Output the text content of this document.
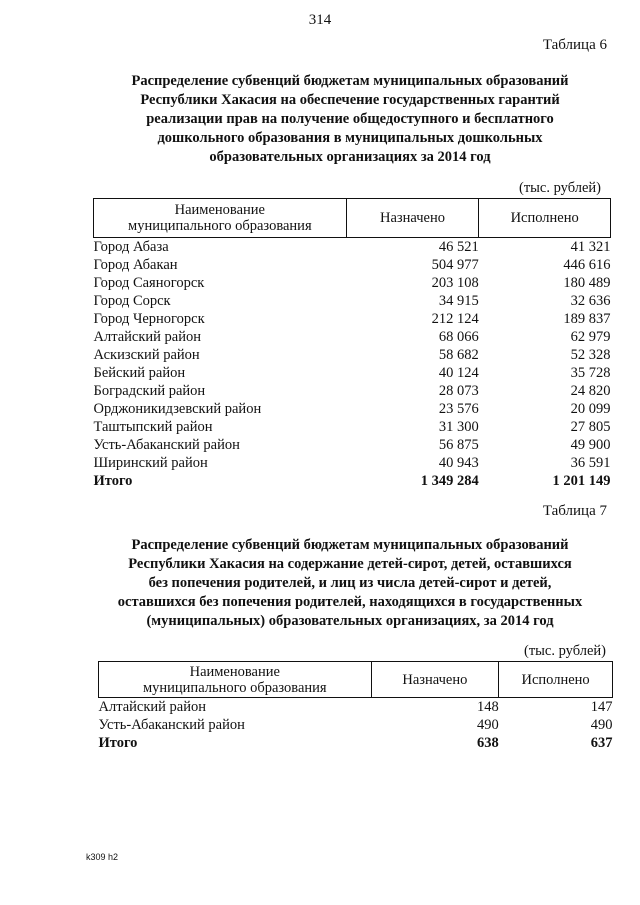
314
Таблица 6
Распределение субвенций бюджетам муниципальных образований
Республики Хакасия на обеспечение государственных гарантий
реализации прав на получение общедоступного и бесплатного
дошкольного образования в муниципальных дошкольных
образовательных организациях за 2014 год
(тыс. рублей)
Наименование
муниципального образования	Назначено	Исполнено
Город Абаза	46 521	41 321
Город Абакан	504 977	446 616
Город Саяногорск	203 108	180 489
Город Сорск	34 915	32 636
Город Черногорск	212 124	189 837
Алтайский район	68 066	62 979
Аскизский район	58 682	52 328
Бейский район	40 124	35 728
Боградский район	28 073	24 820
Орджоникидзевский район	23 576	20 099
Таштыпский район	31 300	27 805
Усть-Абаканский район	56 875	49 900
Ширинский район	40 943	36 591
Итого	1 349 284	1 201 149
Таблица 7
Распределение субвенций бюджетам муниципальных образований
Республики Хакасия на содержание детей-сирот, детей, оставшихся
без попечения родителей, и лиц из числа детей-сирот и детей,
оставшихся без попечения родителей, находящихся в государственных
(муниципальных) образовательных организациях, за 2014 год
(тыс. рублей)
Наименование
муниципального образования	Назначено	Исполнено
Алтайский район	148	147
Усть-Абаканский район	490	490
Итого	638	637
k309 h2
